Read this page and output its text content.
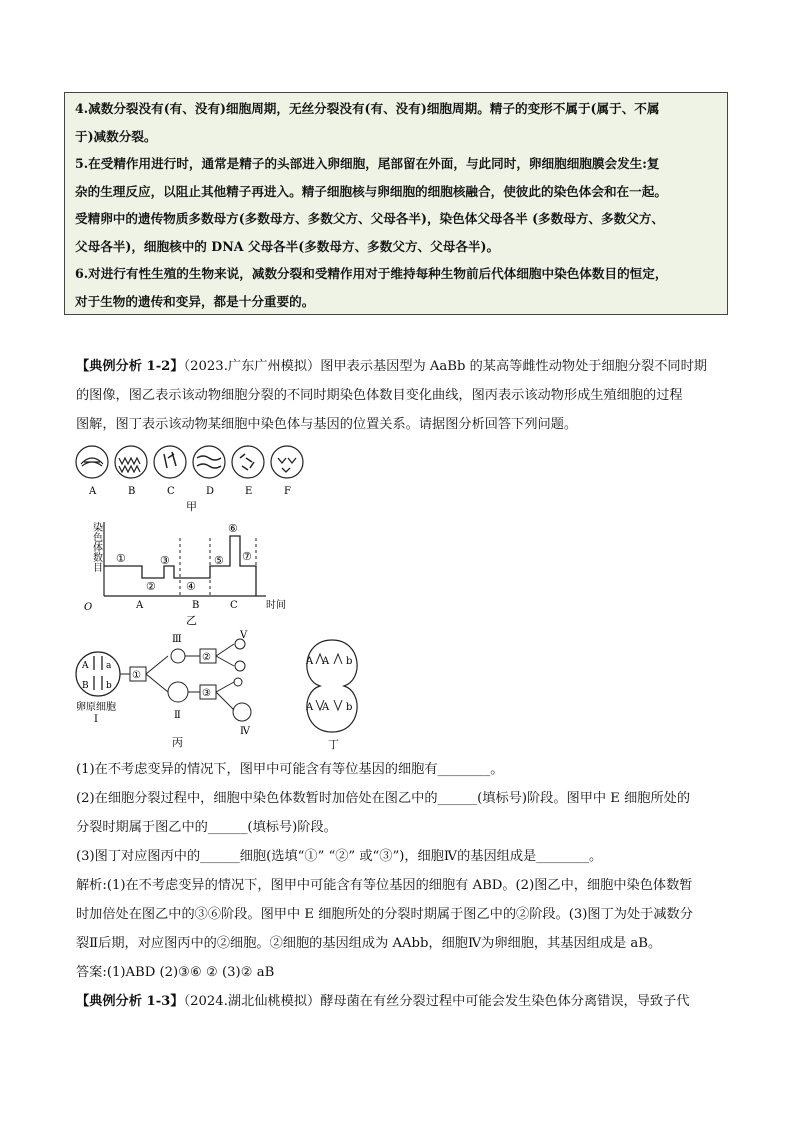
4.减数分裂没有(有、没有)细胞周期，无丝分裂没有(有、没有)细胞周期。精子的变形不属于(属于、不属

于)减数分裂。

5.在受精作用进行时，通常是精子的头部进入卵细胞，尾部留在外面，与此同时，卵细胞细胞膜会发生:复

杂的生理反应，以阻止其他精子再进入。精子细胞核与卵细胞的细胞核融合，使彼此的染色体会和在一起。

受精卵中的遗传物质多数母方(多数母方、多数父方、父母各半)，染色体父母各半 (多数母方、多数父方、

父母各半)，细胞核中的 DNA 父母各半(多数母方、多数父方、父母各半)。

6.对进行有性生殖的生物来说，减数分裂和受精作用对于维持每种生物前后代体细胞中染色体数目的恒定，

对于生物的遗传和变异，都是十分重要的。

【典例分析 1-2】（2023.广东广州模拟）图甲表示基因型为 AaBb 的某高等雌性动物处于细胞分裂不同时期

的图像，图乙表示该动物细胞分裂的不同时期染色体数目变化曲线，图丙表示该动物形成生殖细胞的过程

图解，图丁表示该动物某细胞中染色体与基因的位置关系。请据图分析回答下列问题。

A	B	C	D	E	F
甲
染色体数目
O	时间
①
②
③
④
⑤
⑥
⑦
A	B	C
乙
A a
B b
卵原细胞
I
①
Ⅲ
Ⅱ
②
Ⅴ
③
Ⅳ
丙
A A b
A A b
丁

(1)在不考虑变异的情况下，图甲中可能含有等位基因的细胞有________。

(2)在细胞分裂过程中，细胞中染色体数暂时加倍处在图乙中的______(填标号)阶段。图甲中 E 细胞所处的

分裂时期属于图乙中的______(填标号)阶段。

(3)图丁对应图丙中的______细胞(选填“①” “②” 或“③”)，细胞Ⅳ的基因组成是________。

解析:(1)在不考虑变异的情况下，图甲中可能含有等位基因的细胞有 ABD。(2)图乙中，细胞中染色体数暂

时加倍处在图乙中的③⑥阶段。图甲中 E 细胞所处的分裂时期属于图乙中的②阶段。(3)图丁为处于减数分

裂Ⅱ后期，对应图丙中的②细胞。②细胞的基因组成为 AAbb，细胞Ⅳ为卵细胞，其基因组成是 aB。

答案:(1)ABD (2)③⑥ ② (3)② aB

【典例分析 1-3】（2024.湖北仙桃模拟）酵母菌在有丝分裂过程中可能会发生染色体分离错误，导致子代
